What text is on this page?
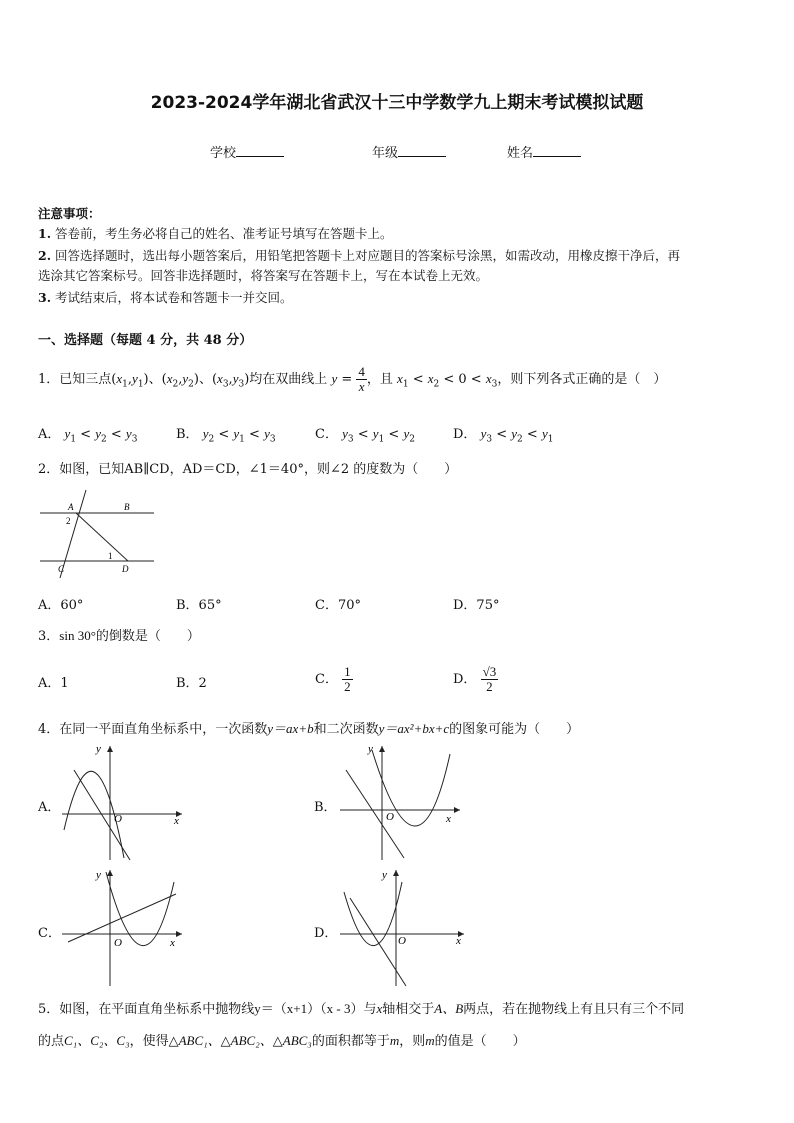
2023-2024学年湖北省武汉十三中学数学九上期末考试模拟试题
学校	年级	姓名
注意事项：
1. 答卷前，考生务必将自己的姓名、准考证号填写在答题卡上。
2. 回答选择题时，选出每小题答案后，用铅笔把答题卡上对应题目的答案标号涂黑，如需改动，用橡皮擦干净后，再
选涂其它答案标号。回答非选择题时，将答案写在答题卡上，写在本试卷上无效。
3. 考试结束后，将本试卷和答题卡一并交回。
一、选择题（每题 4 分，共 48 分）
1．已知三点$(x_1,y_1)$、$(x_2,y_2)$、$(x_3,y_3)$均在双曲线上 $y = \frac{4}{x}$ ，且 $x_1 < x_2 < 0 < x_3$，则下列各式正确的是（　）
A． $y_1 < y_2 < y_3$	B． $y_2 < y_1 < y_3$	C． $y_3 < y_1 < y_2$	D． $y_3 < y_2 < y_1$
2．如图，已知AB∥CD，AD＝CD，∠1＝40°，则∠2 的度数为（　　）
A	B
C	D
1
2
A．60°	B．65°	C．70°	D．75°
3．sin 30°的倒数是（　　）
A．1	B．2	C． $\frac{1}{2}$	D． $\frac{√3}{2}$
4．在同一平面直角坐标系中，一次函数y＝ax+b和二次函数y＝ax²+bx+c的图象可能为（　　）
A．
O	x
y
B．
O	x
y
C．
O	x
y
D．	O	x
y
5．如图，在平面直角坐标系中抛物线y＝（x+1）（x - 3）与x轴相交于A、B两点，若在抛物线上有且只有三个不同
的点C₁、C₂、C₃，使得△ABC₁、△ABC₂、△ABC₃的面积都等于m，则m的值是（　　）
